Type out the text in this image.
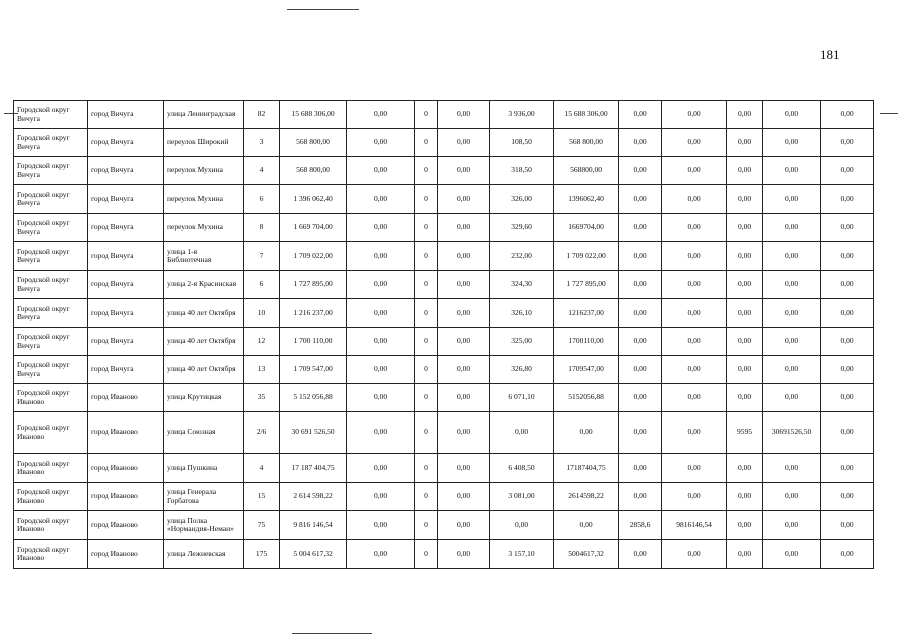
181
Городской округ Вичуга	город Вичуга	улица Ленинградская	82	15 688 306,00	0,00	0	0,00	3 936,00	15 688 306,00	0,00	0,00	0,00	0,00	0,00
Городской округ Вичуга	город Вичуга	переулок Широкий	3	568 800,00	0,00	0	0,00	108,50	568 800,00	0,00	0,00	0,00	0,00	0,00
Городской округ Вичуга	город Вичуга	переулок Мухина	4	568 800,00	0,00	0	0,00	318,50	568800,00	0,00	0,00	0,00	0,00	0,00
Городской округ Вичуга	город Вичуга	переулок Мухина	6	1 396 062,40	0,00	0	0,00	326,00	1396062,40	0,00	0,00	0,00	0,00	0,00
Городской округ Вичуга	город Вичуга	переулок Мухина	8	1 669 704,00	0,00	0	0,00	329,60	1669704,00	0,00	0,00	0,00	0,00	0,00
Городской округ Вичуга	город Вичуга	улица 1-я Библиотечная	7	1 709 022,00	0,00	0	0,00	232,00	1 709 022,00	0,00	0,00	0,00	0,00	0,00
Городской округ Вичуга	город Вичуга	улица 2-я Красинская	6	1 727 895,00	0,00	0	0,00	324,30	1 727 895,00	0,00	0,00	0,00	0,00	0,00
Городской округ Вичуга	город Вичуга	улица 40 лет Октября	10	1 216 237,00	0,00	0	0,00	326,10	1216237,00	0,00	0,00	0,00	0,00	0,00
Городской округ Вичуга	город Вичуга	улица 40 лет Октября	12	1 700 110,00	0,00	0	0,00	325,00	1700110,00	0,00	0,00	0,00	0,00	0,00
Городской округ Вичуга	город Вичуга	улица 40 лет Октября	13	1 709 547,00	0,00	0	0,00	326,80	1709547,00	0,00	0,00	0,00	0,00	0,00
Городской округ Иваново	город Иваново	улица Крутицкая	35	5 152 056,88	0,00	0	0,00	6 071,10	5152056,88	0,00	0,00	0,00	0,00	0,00
Городской округ Иваново	город Иваново	улица Союзная	2/6	30 691 526,50	0,00	0	0,00	0,00	0,00	0,00	0,00	9595	30691526,50	0,00
Городской округ Иваново	город Иваново	улица Пушкина	4	17 187 404,75	0,00	0	0,00	6 408,50	17187404,75	0,00	0,00	0,00	0,00	0,00
Городской округ Иваново	город Иваново	улица Генерала Горбатова	15	2 614 598,22	0,00	0	0,00	3 081,00	2614598,22	0,00	0,00	0,00	0,00	0,00
Городской округ Иваново	город Иваново	улица Полка «Нормандия-Неман»	75	9 816 146,54	0,00	0	0,00	0,00	0,00	2858,6	9816146,54	0,00	0,00	0,00
Городской округ Иваново	город Иваново	улица Лежневская	175	5 004 617,32	0,00	0	0,00	3 157,10	5004617,32	0,00	0,00	0,00	0,00	0,00
